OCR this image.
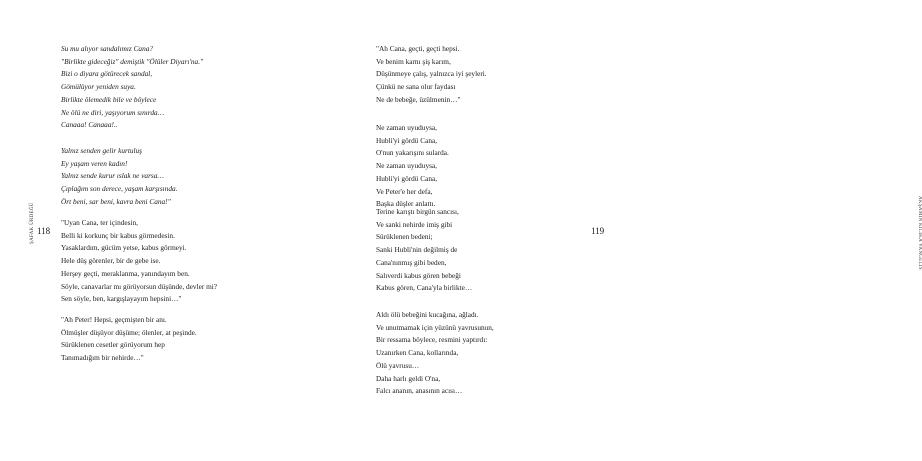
ŞAFAK ÜRDEĞÜ 118
Su mu alıyor sandalımız Cana?
"Birlikte gideceğiz" demiştik "Ölüler Diyarı'na."
Bizi o diyara götürecek sandal,
Gömülüyor yeniden suya.
Birlikte ölemedik bile ve böylece
Ne ölü ne diri, yaşıyorum sınırda…
Canaaa! Canaaa!..
Yalnız senden gelir kurtuluş
Ey yaşam veren kadın!
Yalnız sende kurur ıslak ne varsa…
Çıplağım son derece, yaşam karşısında.
Ört beni, sar beni, kavra beni Cana!"
"Uyan Cana, ter içindesin,
Belli ki korkunç bir kabus görmedesin.
Yasaklardım, gücüm yetse, kabus görmeyi.
Hele düş görenler, bir de gebe ise.
Herşey geçti, meraklanma, yanındayım ben.
Söyle, canavarlar mı görüyorsun düşünde, devler mi?
Sen söyle, ben, kargışlayayım hepsini…"
"Ah Peter! Hepsi, geçmişten bir anı.
Ölmüşler düşüyor düşüme; ölenler, at peşinde.
Sürüklenen cesetler görüyorum hep
Tanımadığım bir nehirde…"
AKŞAMIN KILIKA VANGELİS
119
"Ah Cana, geçti, geçti hepsi.
Ve benim karnı şiş karım,
Düşünmeye çalış, yalnızca iyi şeyleri.
Çünkü ne sana olur faydası
Ne de bebeğe, üzülmenin…"
Ne zaman uyuduysa,
Hubli'yi gördü Cana,
O'nun yakarışını sularda.
Ne zaman uyuduysa,
Hubli'yi gördü Cana,
Ve Peter'e her defa,
Başka düşler anlattı.
Terine karıştı birgün sancısı,
Ve sanki nehirde imiş gibi
Sürüklenen bedeni;
Sanki Hubli'nin değilmiş de
Cana'nınmış gibi beden,
Salıverdi kabus gören bebeği
Kabus gören, Cana'yla birlikte…
Aldı ölü bebeğini kucağına, ağladı.
Ve unutmamak için yüzünü yavrusunun,
Bir ressama böylece, resmini yaptırdı:
Uzanırken Cana, kollarında,
Ölü yavrusu…
Daha harlı geldi O'na,
Falcı ananın, anasının acısı…
